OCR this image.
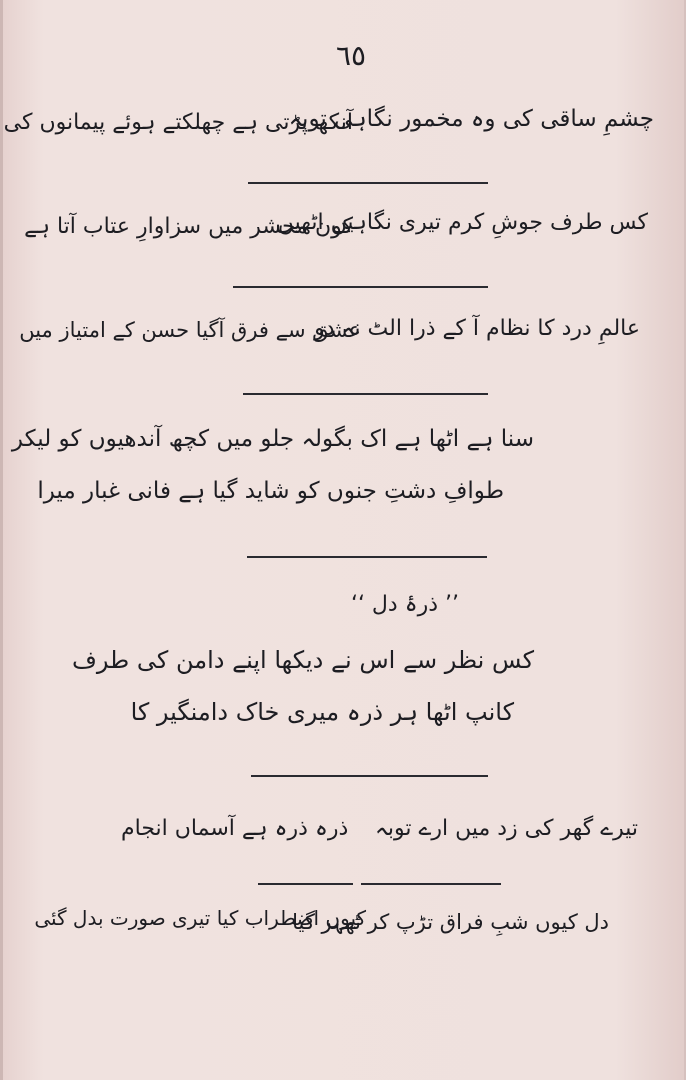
٦٥
چشمِ ساقی کی وہ مخمور نگاہی توبہ
آنکھ پڑتی ہے چھلکتے ہوئے پیمانوں کی
کس طرف جوشِ کرم تیری نگاہیں اٹھیں
کون محشر میں سزاوارِ عتاب آتا ہے
عالمِ درد کا نظام آ کے ذرا الٹ نہ دو
عشق سے فرق آگیا حسن کے امتیاز میں
سنا ہے اٹھا ہے اک بگولہ جلو میں کچھ آندھیوں کو لیکر
طوافِ دشتِ جنوں کو شاید گیا ہے فانی غبار میرا
’’ ذرۂ دل ‘‘
کس نظر سے اس نے دیکھا اپنے دامن کی طرف
کانپ اٹھا ہر ذرہ میری خاک دامنگیر کا
تیرے گھر کی زد میں ارے توبہ
ذرہ ذرہ ہے آسماں انجام
دل کیوں شبِ فراق تڑپ کر ٹھہر گیا
کیوں اضطراب کیا تیری صورت بدل گئی
